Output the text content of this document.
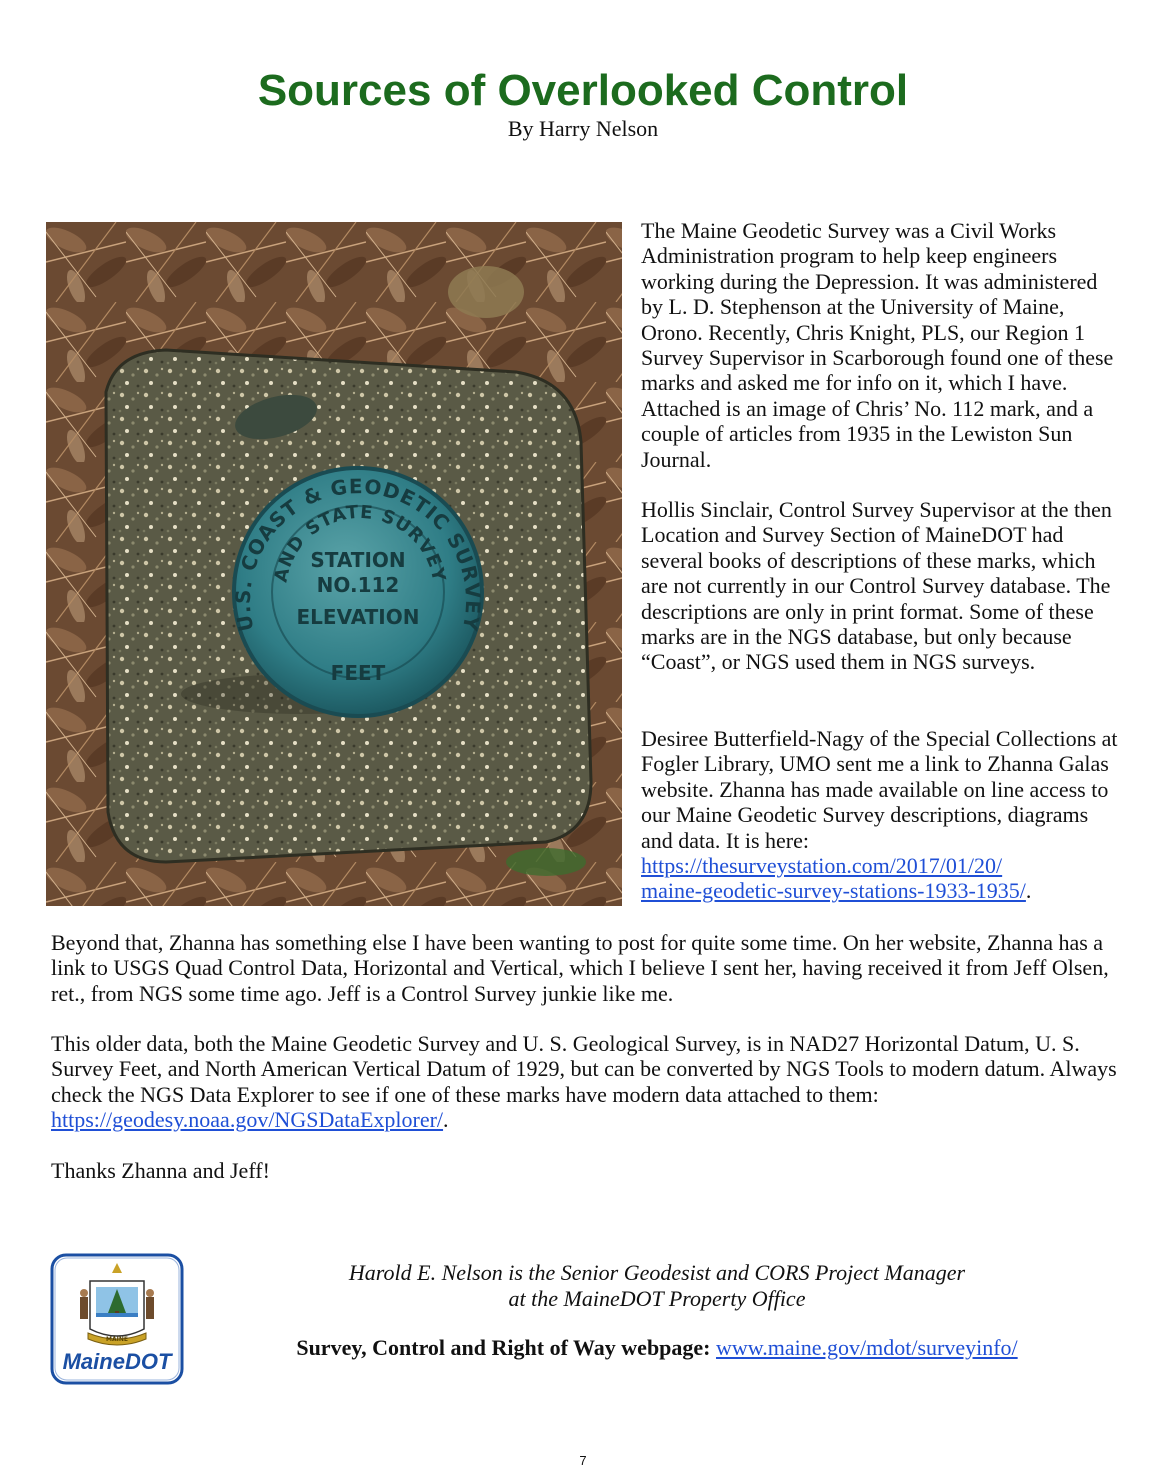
Sources of Overlooked Control
By Harry Nelson
U.S. COAST & GEODETIC SURVEY
AND STATE SURVEY
STATION
NO.112
ELEVATION
FEET

The Maine Geodetic Survey was a Civil Works Administration program to help keep engineers working during the Depression. It was administered by L. D. Stephenson at the University of Maine, Orono. Recently, Chris Knight, PLS, our Region 1 Survey Supervisor in Scarborough found one of these marks and asked me for info on it, which I have. Attached is an image of Chris’ No. 112 mark, and a couple of articles from 1935 in the Lewiston Sun Journal.

Hollis Sinclair, Control Survey Supervisor at the then Location and Survey Section of MaineDOT had several books of descriptions of these marks, which are not currently in our Control Survey database. The descriptions are only in print format. Some of these marks are in the NGS database, but only because “Coast”, or NGS used them in NGS surveys.

Desiree Butterfield-Nagy of the Special Collections at Fogler Library, UMO sent me a link to Zhanna Galas website. Zhanna has made available on line access to our Maine Geodetic Survey descriptions, diagrams and data. It is here: https://thesurveystation.com/2017/01/20/
maine-geodetic-survey-stations-1933-1935/.

Beyond that, Zhanna has something else I have been wanting to post for quite some time. On her website, Zhanna has a link to USGS Quad Control Data, Horizontal and Vertical, which I believe I sent her, having received it from Jeff Olsen, ret., from NGS some time ago. Jeff is a Control Survey junkie like me.

This older data, both the Maine Geodetic Survey and U. S. Geological Survey, is in NAD27 Horizontal Datum, U. S. Survey Feet, and North American Vertical Datum of 1929, but can be converted by NGS Tools to modern datum. Always check the NGS Data Explorer to see if one of these marks have modern data attached to them: https://geodesy.noaa.gov/NGSDataExplorer/.

Thanks Zhanna and Jeff!

MAINE
MaineDOT
Harold E. Nelson is the Senior Geodesist and CORS Project Manager
at the MaineDOT Property Office
Survey, Control and Right of Way webpage: www.maine.gov/mdot/surveyinfo/
7
